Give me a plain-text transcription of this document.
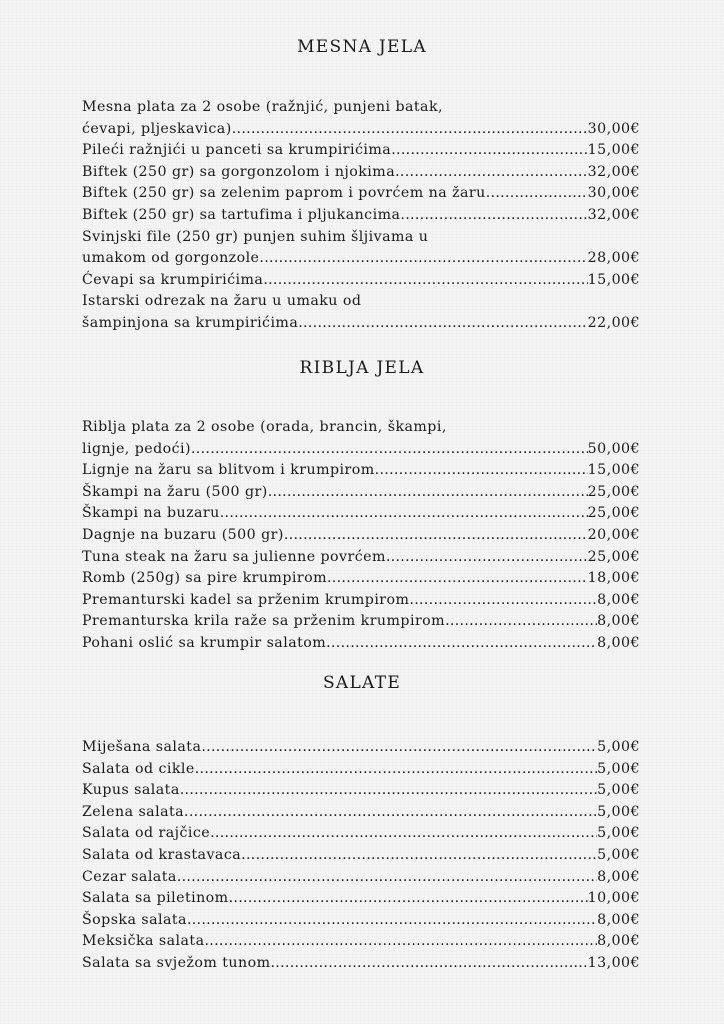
MESNA JELA
Mesna plata za 2 osobe (ražnjić, punjeni batak,
ćevapi, pljeskavica) .....	30,00€
Pileći ražnjići u panceti sa krumpirićima .....	15,00€
Biftek (250 gr) sa gorgonzolom i njokima .....	32,00€
Biftek (250 gr) sa zelenim paprom i povrćem na žaru .....	30,00€
Biftek (250 gr) sa tartufima i pljukancima .....	32,00€
Svinjski file (250 gr) punjen suhim šljivama u
umakom od gorgonzole .....	28,00€
Ćevapi sa krumpirićima .....	15,00€
Istarski odrezak na žaru u umaku od
šampinjona sa krumpirićima .....	22,00€
RIBLJA JELA
Riblja plata za 2 osobe (orada, brancin, škampi,
lignje, pedoći) .....	50,00€
Lignje na žaru sa blitvom i krumpirom .....	15,00€
Škampi na žaru (500 gr) .....	25,00€
Škampi na buzaru .....	25,00€
Dagnje na buzaru (500 gr) .....	20,00€
Tuna steak na žaru sa julienne povrćem .....	25,00€
Romb (250g) sa pire krumpirom .....	18,00€
Premanturski kadel sa prženim krumpirom .....	8,00€
Premanturska krila raže sa prženim krumpirom .....	8,00€
Pohani oslić sa krumpir salatom .....	8,00€
SALATE
Miješana salata .....	5,00€
Salata od cikle .....	5,00€
Kupus salata .....	5,00€
Zelena salata .....	5,00€
Salata od rajčice .....	5,00€
Salata od krastavaca .....	5,00€
Cezar salata .....	8,00€
Salata sa piletinom .....	10,00€
Šopska salata .....	8,00€
Meksička salata .....	8,00€
Salata sa svježom tunom .....	13,00€
